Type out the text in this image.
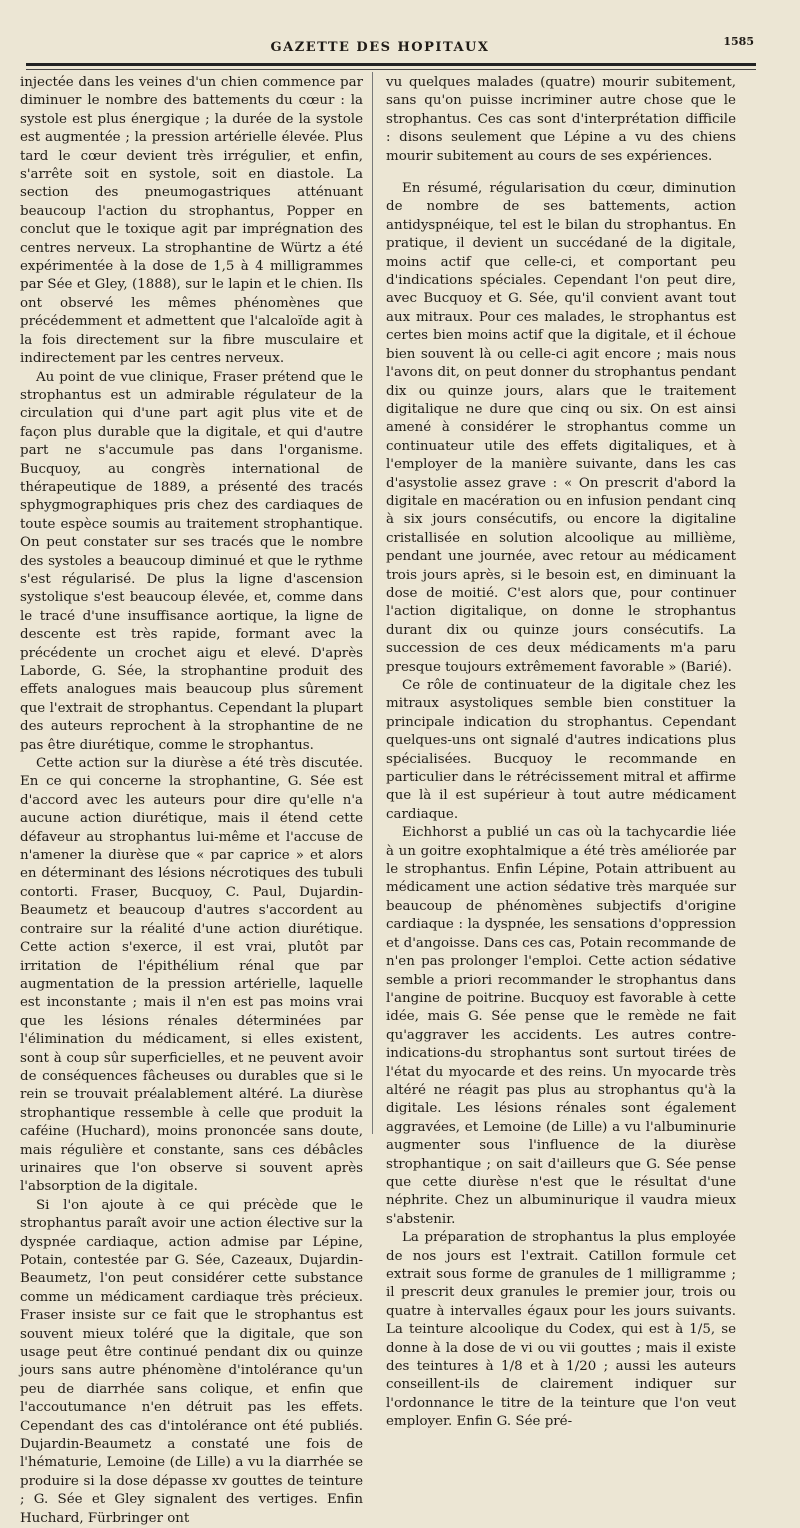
GAZETTE DES HOPITAUX	1585

injectée dans les veines d'un chien commence par diminuer le nombre des battements du cœur : la systole est plus énergique ; la durée de la systole est augmentée ; la pression artérielle élevée. Plus tard le cœur devient très irrégulier, et enfin, s'arrête soit en systole, soit en diastole. La section des pneumogastriques atténuant beaucoup l'action du strophantus, Popper en conclut que le toxique agit par imprégnation des centres nerveux. La strophantine de Würtz a été expérimentée à la dose de 1,5 à 4 milligrammes par Sée et Gley, (1888), sur le lapin et le chien. Ils ont observé les mêmes phénomènes que précédemment et admettent que l'alcaloïde agit à la fois directement sur la fibre musculaire et indirectement par les centres nerveux.

Au point de vue clinique, Fraser prétend que le strophantus est un admirable régulateur de la circulation qui d'une part agit plus vite et de façon plus durable que la digitale, et qui d'autre part ne s'accumule pas dans l'organisme. Bucquoy, au congrès international de thérapeutique de 1889, a présenté des tracés sphygmographiques pris chez des cardiaques de toute espèce soumis au traitement strophantique. On peut constater sur ses tracés que le nombre des systoles a beaucoup diminué et que le rythme s'est régularisé. De plus la ligne d'ascension systolique s'est beaucoup élevée, et, comme dans le tracé d'une insuffisance aortique, la ligne de descente est très rapide, formant avec la précédente un crochet aigu et elevé. D'après Laborde, G. Sée, la strophantine produit des effets analogues mais beaucoup plus sûrement que l'extrait de strophantus. Cependant la plupart des auteurs reprochent à la strophantine de ne pas être diurétique, comme le strophantus.

Cette action sur la diurèse a été très discutée. En ce qui concerne la strophantine, G. Sée est d'accord avec les auteurs pour dire qu'elle n'a aucune action diurétique, mais il étend cette défaveur au strophantus lui-même et l'accuse de n'amener la diurèse que « par caprice » et alors en déterminant des lésions nécrotiques des tubuli contorti. Fraser, Bucquoy, C. Paul, Dujardin-Beaumetz et beaucoup d'autres s'accordent au contraire sur la réalité d'une action diurétique. Cette action s'exerce, il est vrai, plutôt par irritation de l'épithélium rénal que par augmentation de la pression artérielle, laquelle est inconstante ; mais il n'en est pas moins vrai que les lésions rénales déterminées par l'élimination du médicament, si elles existent, sont à coup sûr superficielles, et ne peuvent avoir de conséquences fâcheuses ou durables que si le rein se trouvait préalablement altéré. La diurèse strophantique ressemble à celle que produit la caféine (Huchard), moins prononcée sans doute, mais régulière et constante, sans ces débâcles urinaires que l'on observe si souvent après l'absorption de la digitale.

Si l'on ajoute à ce qui précède que le strophantus paraît avoir une action élective sur la dyspnée cardiaque, action admise par Lépine, Potain, contestée par G. Sée, Cazeaux, Dujardin-Beaumetz, l'on peut considérer cette substance comme un médicament cardiaque très précieux. Fraser insiste sur ce fait que le strophantus est souvent mieux toléré que la digitale, que son usage peut être continué pendant dix ou quinze jours sans autre phénomène d'intolérance qu'un peu de diarrhée sans colique, et enfin que l'accoutumance n'en détruit pas les effets. Cependant des cas d'intolérance ont été publiés. Dujardin-Beaumetz a constaté une fois de l'hématurie, Lemoine (de Lille) a vu la diarrhée se produire si la dose dépasse xv gouttes de teinture ; G. Sée et Gley signalent des vertiges. Enfin Huchard, Fürbringer ont

vu quelques malades (quatre) mourir subitement, sans qu'on puisse incriminer autre chose que le strophantus. Ces cas sont d'interprétation difficile : disons seulement que Lépine a vu des chiens mourir subitement au cours de ses expériences.

En résumé, régularisation du cœur, diminution de nombre de ses battements, action antidyspnéique, tel est le bilan du strophantus. En pratique, il devient un succédané de la digitale, moins actif que celle-ci, et comportant peu d'indications spéciales. Cependant l'on peut dire, avec Bucquoy et G. Sée, qu'il convient avant tout aux mitraux. Pour ces malades, le strophantus est certes bien moins actif que la digitale, et il échoue bien souvent là ou celle-ci agit encore ; mais nous l'avons dit, on peut donner du strophantus pendant dix ou quinze jours, alars que le traitement digitalique ne dure que cinq ou six. On est ainsi amené à considérer le strophantus comme un continuateur utile des effets digitaliques, et à l'employer de la manière suivante, dans les cas d'asystolie assez grave : « On prescrit d'abord la digitale en macération ou en infusion pendant cinq à six jours consécutifs, ou encore la digitaline cristallisée en solution alcoolique au millième, pendant une journée, avec retour au médicament trois jours après, si le besoin est, en diminuant la dose de moitié. C'est alors que, pour continuer l'action digitalique, on donne le strophantus durant dix ou quinze jours consécutifs. La succession de ces deux médicaments m'a paru presque toujours extrêmement favorable » (Barié).

Ce rôle de continuateur de la digitale chez les mitraux asystoliques semble bien constituer la principale indication du strophantus. Cependant quelques-uns ont signalé d'autres indications plus spécialisées. Bucquoy le recommande en particulier dans le rétrécissement mitral et affirme que là il est supérieur à tout autre médicament cardiaque.

Eichhorst a publié un cas où la tachycardie liée à un goitre exophtalmique a été très améliorée par le strophantus. Enfin Lépine, Potain attribuent au médicament une action sédative très marquée sur beaucoup de phénomènes subjectifs d'origine cardiaque : la dyspnée, les sensations d'oppression et d'angoisse. Dans ces cas, Potain recommande de n'en pas prolonger l'emploi. Cette action sédative semble a priori recommander le strophantus dans l'angine de poitrine. Bucquoy est favorable à cette idée, mais G. Sée pense que le remède ne fait qu'aggraver les accidents. Les autres contre-indications-du strophantus sont surtout tirées de l'état du myocarde et des reins. Un myocarde très altéré ne réagit pas plus au strophantus qu'à la digitale. Les lésions rénales sont également aggravées, et Lemoine (de Lille) a vu l'albuminurie augmenter sous l'influence de la diurèse strophantique ; on sait d'ailleurs que G. Sée pense que cette diurèse n'est que le résultat d'une néphrite. Chez un albuminurique il vaudra mieux s'abstenir.

La préparation de strophantus la plus employée de nos jours est l'extrait. Catillon formule cet extrait sous forme de granules de 1 milligramme ; il prescrit deux granules le premier jour, trois ou quatre à intervalles égaux pour les jours suivants. La teinture alcoolique du Codex, qui est à 1/5, se donne à la dose de vi ou vii gouttes ; mais il existe des teintures à 1/8 et à 1/20 ; aussi les auteurs conseillent-ils de clairement indiquer sur l'ordonnance le titre de la teinture que l'on veut employer. Enfin G. Sée pré-
